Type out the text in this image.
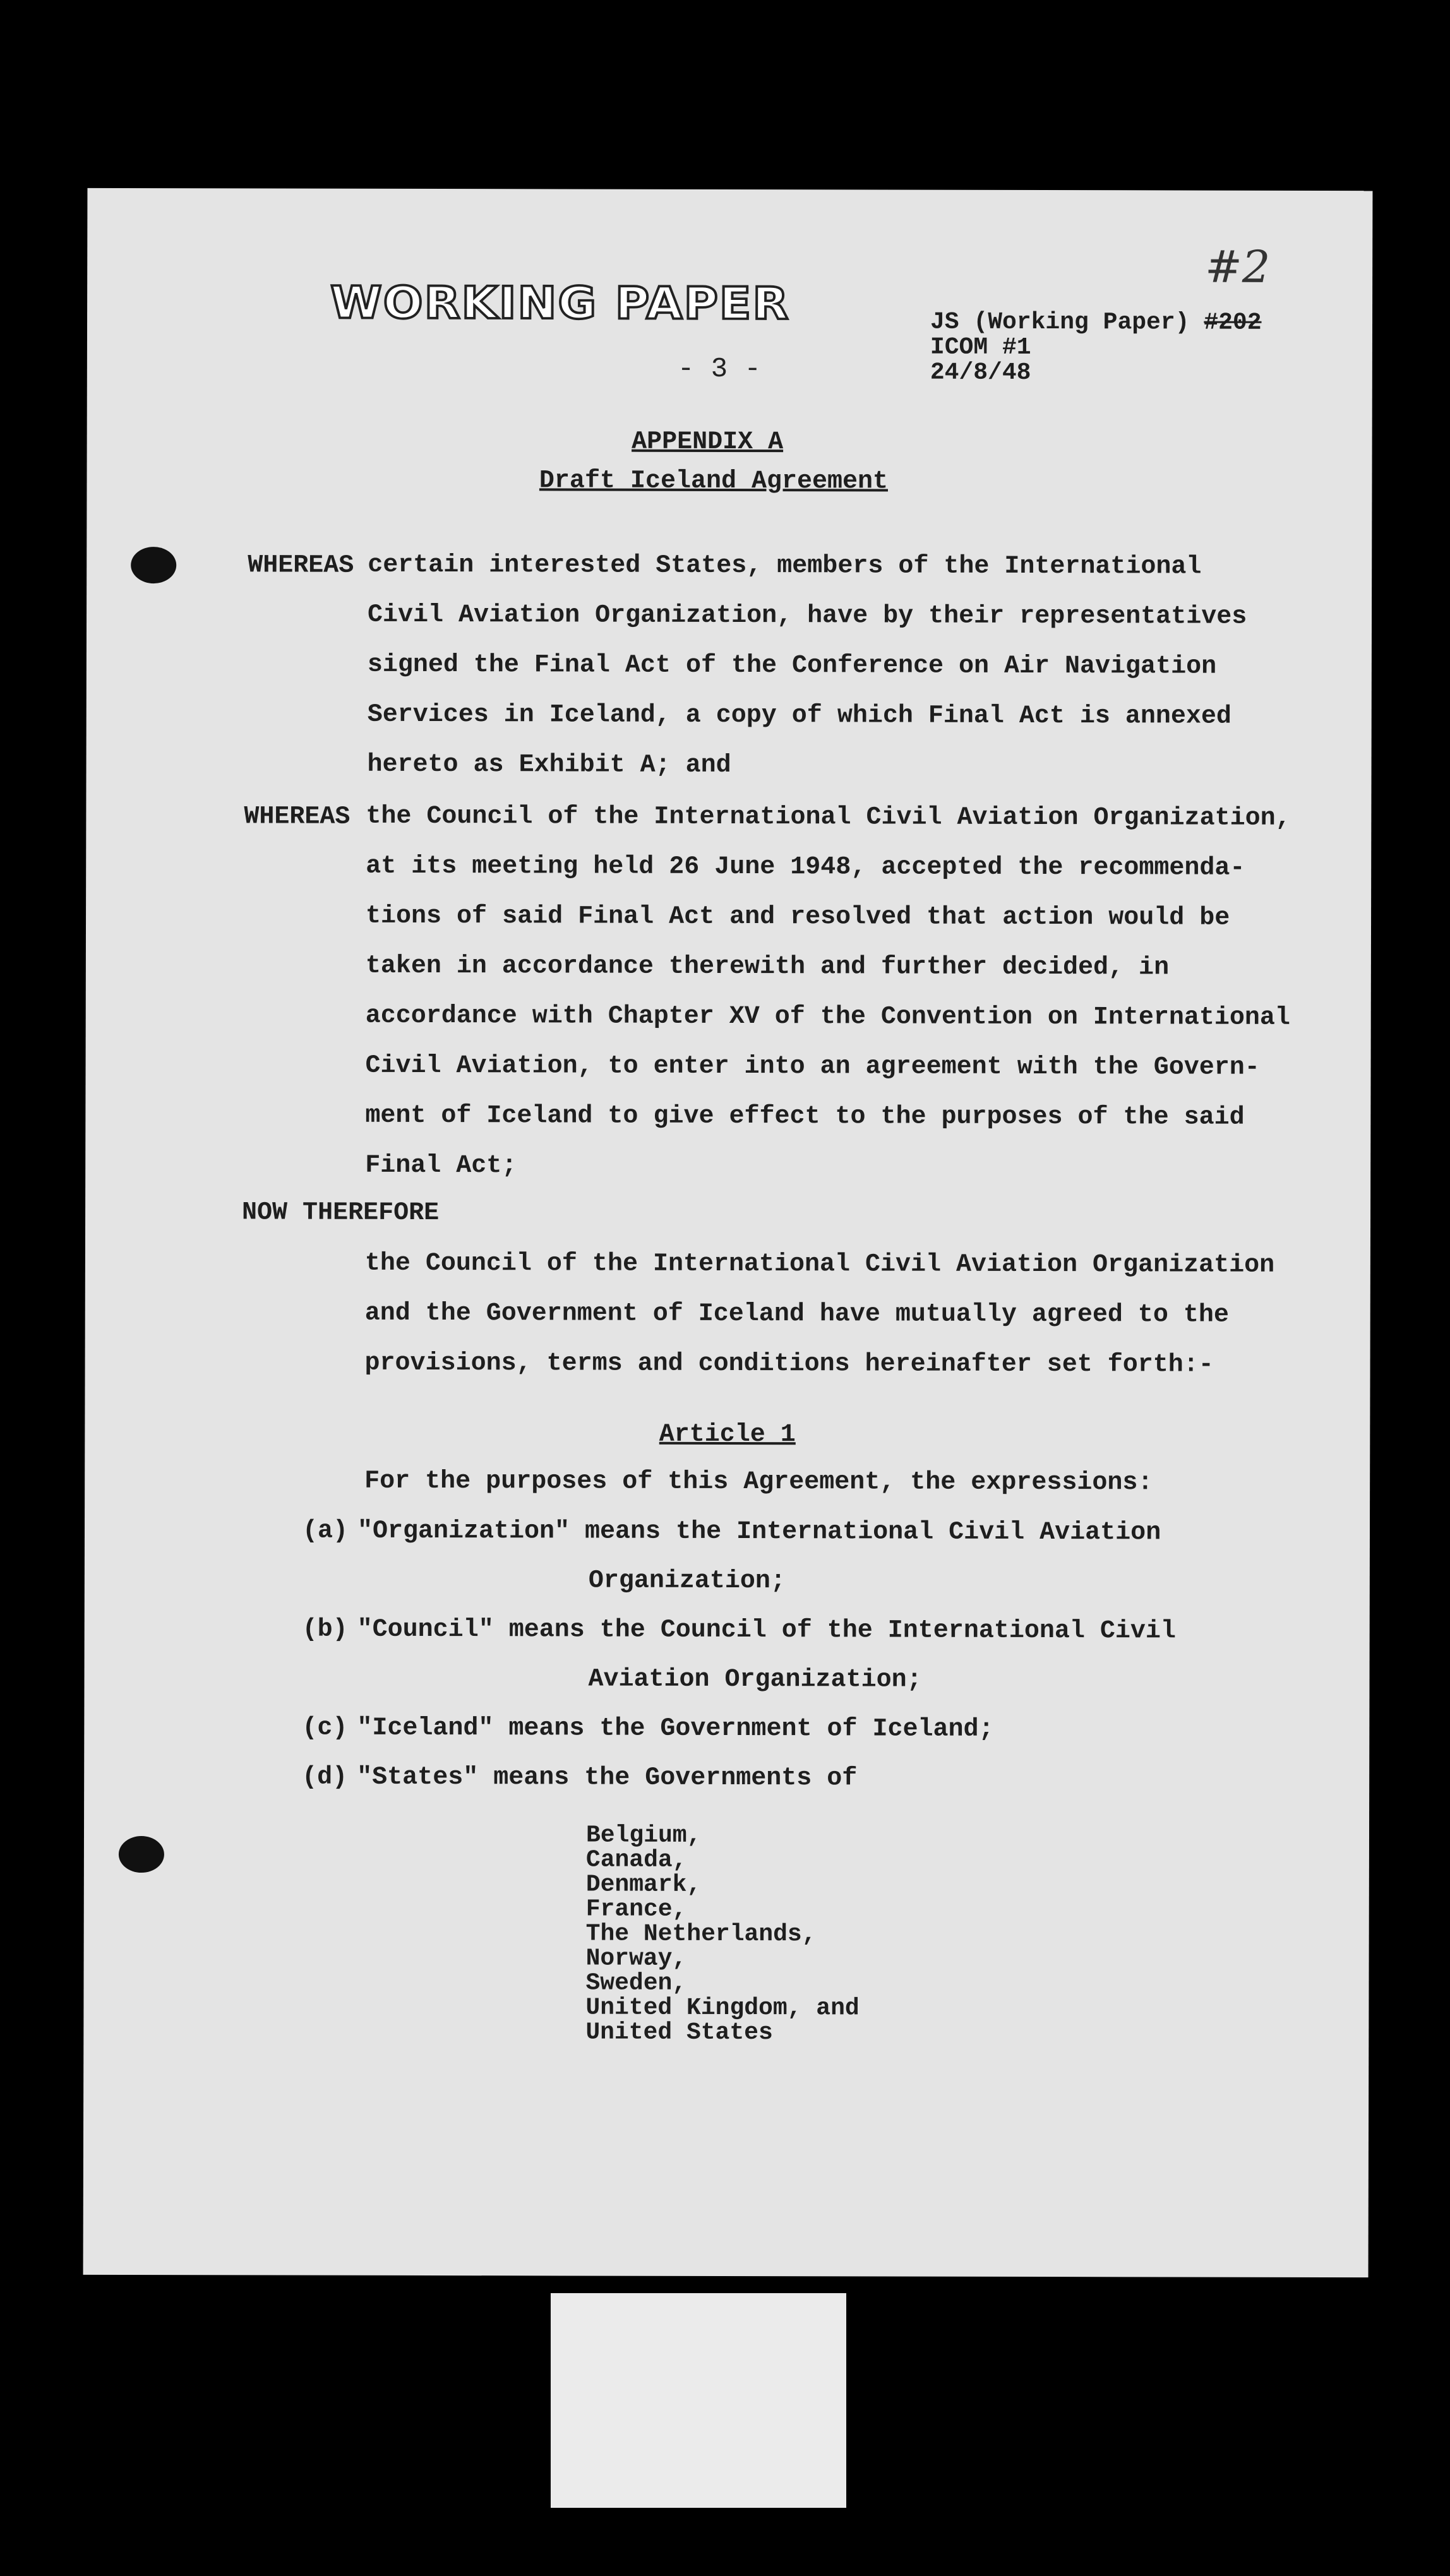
WORKING PAPER
- 3 -
#2
JS (Working Paper) #202
ICOM #1
24/8/48
APPENDIX A
Draft Iceland Agreement
WHEREAS certain interested States, members of the International
Civil Aviation Organization, have by their representatives
signed the Final Act of the Conference on Air Navigation
Services in Iceland, a copy of which Final Act is annexed
hereto as Exhibit A; and
WHEREAS the Council of the International Civil Aviation Organization,
at its meeting held 26 June 1948, accepted the recommenda-
tions of said Final Act and resolved that action would be
taken in accordance therewith and further decided, in
accordance with Chapter XV of the Convention on International
Civil Aviation, to enter into an agreement with the Govern-
ment of Iceland to give effect to the purposes of the said
Final Act;
NOW THEREFORE
the Council of the International Civil Aviation Organization
and the Government of Iceland have mutually agreed to the
provisions, terms and conditions hereinafter set forth:-
Article 1
For the purposes of this Agreement, the expressions:
(a) "Organization" means the International Civil Aviation
Organization;
(b) "Council" means the Council of the International Civil
Aviation Organization;
(c) "Iceland" means the Government of Iceland;
(d) "States" means the Governments of
Belgium,
Canada,
Denmark,
France,
The Netherlands,
Norway,
Sweden,
United Kingdom, and
United States
